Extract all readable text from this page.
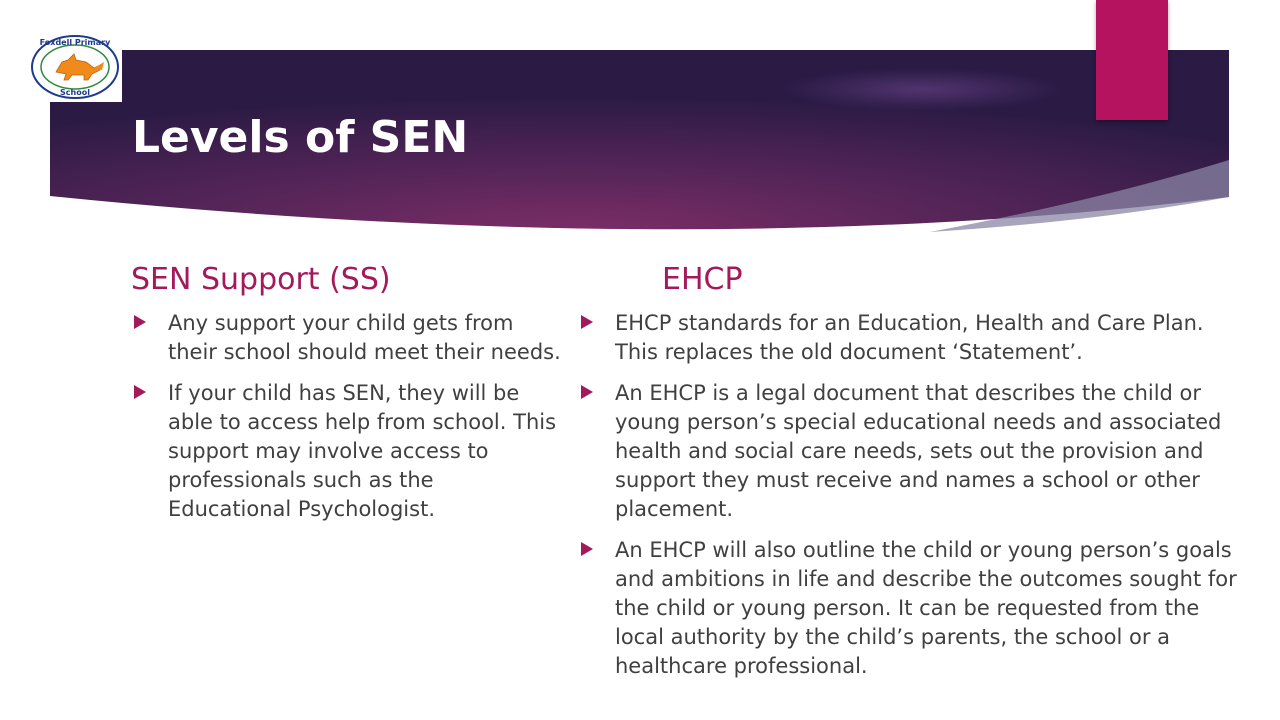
Foxdell Primary
School
Levels of SEN
SEN Support (SS)
Any support your child gets from their school should meet their needs.
If your child has SEN, they will be able to access help from school. This support may involve access to professionals such as the Educational Psychologist.
EHCP
EHCP standards for an Education, Health and Care Plan. This replaces the old document ‘Statement’.
An EHCP is a legal document that describes the child or young person’s special educational needs and associated health and social care needs, sets out the provision and support they must receive and names a school or other placement.
An EHCP will also outline the child or young person’s goals and ambitions in life and describe the outcomes sought for the child or young person. It can be requested from the local authority by the child’s parents, the school or a healthcare professional.
